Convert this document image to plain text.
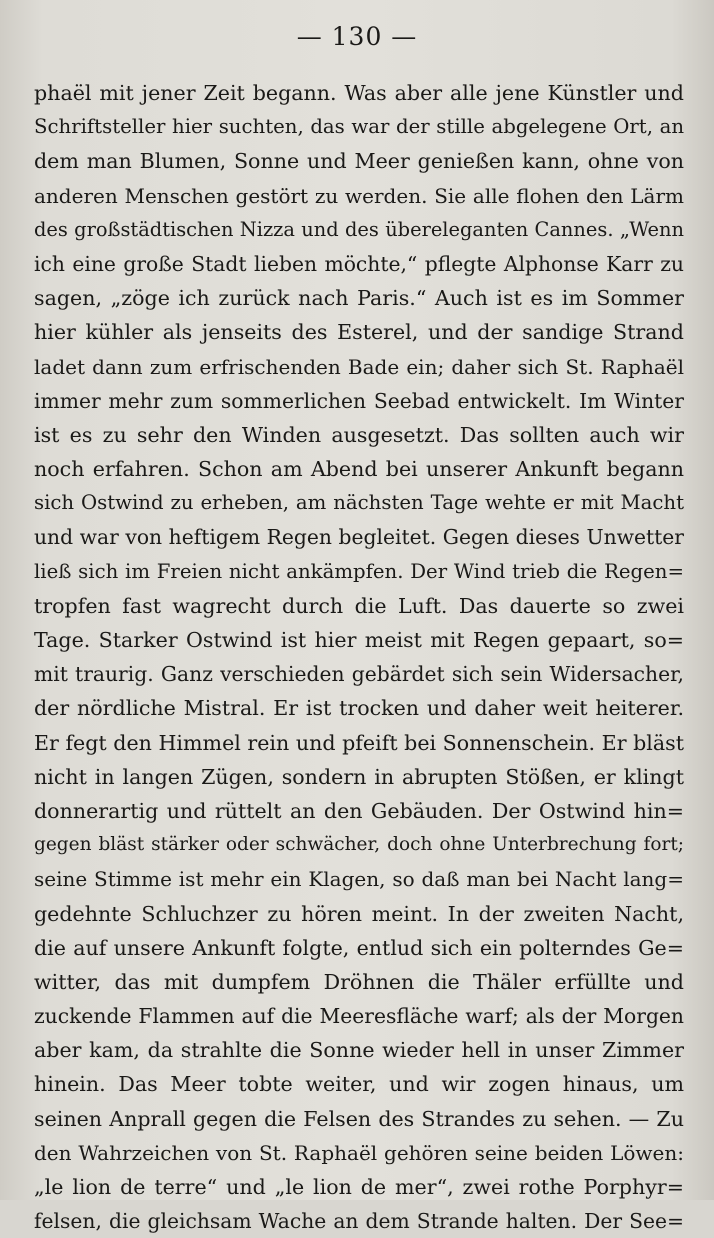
— 130 —
phaël mit jener Zeit begann. Was aber alle jene Künstler und
Schriftsteller hier suchten, das war der stille abgelegene Ort, an
dem man Blumen, Sonne und Meer genießen kann, ohne von
anderen Menschen gestört zu werden. Sie alle flohen den Lärm
des großstädtischen Nizza und des übereleganten Cannes. „Wenn
ich eine große Stadt lieben möchte,“ pflegte Alphonse Karr zu
sagen, „zöge ich zurück nach Paris.“ Auch ist es im Sommer
hier kühler als jenseits des Esterel, und der sandige Strand
ladet dann zum erfrischenden Bade ein; daher sich St. Raphaël
immer mehr zum sommerlichen Seebad entwickelt. Im Winter
ist es zu sehr den Winden ausgesetzt. Das sollten auch wir
noch erfahren. Schon am Abend bei unserer Ankunft begann
sich Ostwind zu erheben, am nächsten Tage wehte er mit Macht
und war von heftigem Regen begleitet. Gegen dieses Unwetter
ließ sich im Freien nicht ankämpfen. Der Wind trieb die Regen=
tropfen fast wagrecht durch die Luft. Das dauerte so zwei
Tage. Starker Ostwind ist hier meist mit Regen gepaart, so=
mit traurig. Ganz verschieden gebärdet sich sein Widersacher,
der nördliche Mistral. Er ist trocken und daher weit heiterer.
Er fegt den Himmel rein und pfeift bei Sonnenschein. Er bläst
nicht in langen Zügen, sondern in abrupten Stößen, er klingt
donnerartig und rüttelt an den Gebäuden. Der Ostwind hin=
gegen bläst stärker oder schwächer, doch ohne Unterbrechung fort;
seine Stimme ist mehr ein Klagen, so daß man bei Nacht lang=
gedehnte Schluchzer zu hören meint. In der zweiten Nacht,
die auf unsere Ankunft folgte, entlud sich ein polterndes Ge=
witter, das mit dumpfem Dröhnen die Thäler erfüllte und
zuckende Flammen auf die Meeresfläche warf; als der Morgen
aber kam, da strahlte die Sonne wieder hell in unser Zimmer
hinein. Das Meer tobte weiter, und wir zogen hinaus, um
seinen Anprall gegen die Felsen des Strandes zu sehen. — Zu
den Wahrzeichen von St. Raphaël gehören seine beiden Löwen:
„le lion de terre“ und „le lion de mer“, zwei rothe Porphyr=
felsen, die gleichsam Wache an dem Strande halten. Der See=
